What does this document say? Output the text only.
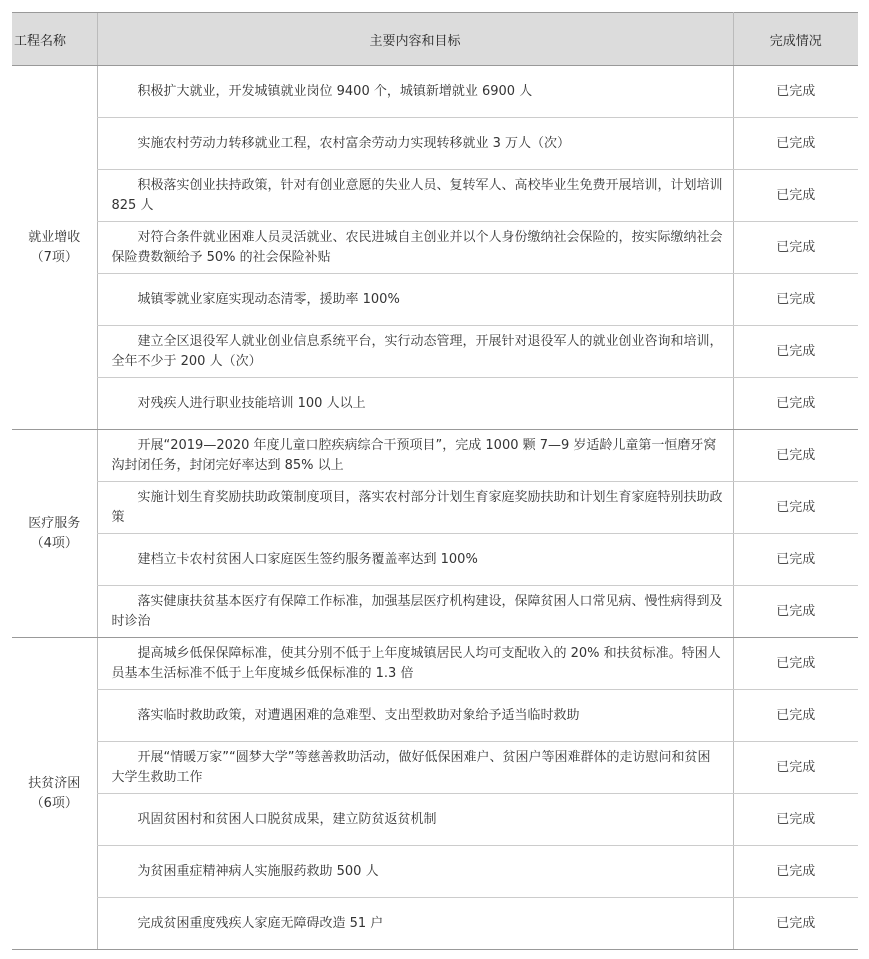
工程名称	主要内容和目标	完成情况

就业增收
（7项）	积极扩大就业，开发城镇就业岗位 9400 个，城镇新增就业 6900 人	已完成
	实施农村劳动力转移就业工程，农村富余劳动力实现转移就业 3 万人（次）	已完成
	积极落实创业扶持政策，针对有创业意愿的失业人员、复转军人、高校毕业生免费开展培训，计划培训 825 人	已完成
	对符合条件就业困难人员灵活就业、农民进城自主创业并以个人身份缴纳社会保险的，按实际缴纳社会保险费数额给予 50% 的社会保险补贴	已完成
	城镇零就业家庭实现动态清零，援助率 100%	已完成
	建立全区退役军人就业创业信息系统平台，实行动态管理，开展针对退役军人的就业创业咨询和培训，全年不少于 200 人（次）	已完成
	对残疾人进行职业技能培训 100 人以上	已完成

医疗服务
（4项）	开展“2019—2020 年度儿童口腔疾病综合干预项目”，完成 1000 颗 7—9 岁适龄儿童第一恒磨牙窝沟封闭任务，封闭完好率达到 85% 以上	已完成
	实施计划生育奖励扶助政策制度项目，落实农村部分计划生育家庭奖励扶助和计划生育家庭特别扶助政策	已完成
	建档立卡农村贫困人口家庭医生签约服务覆盖率达到 100%	已完成
	落实健康扶贫基本医疗有保障工作标准，加强基层医疗机构建设，保障贫困人口常见病、慢性病得到及时诊治	已完成

扶贫济困
（6项）	提高城乡低保保障标准，使其分别不低于上年度城镇居民人均可支配收入的 20% 和扶贫标准。特困人员基本生活标准不低于上年度城乡低保标准的 1.3 倍	已完成
	落实临时救助政策，对遭遇困难的急难型、支出型救助对象给予适当临时救助	已完成
	开展“情暖万家”“圆梦大学”等慈善救助活动，做好低保困难户、贫困户等困难群体的走访慰问和贫困大学生救助工作	已完成
	巩固贫困村和贫困人口脱贫成果，建立防贫返贫机制	已完成
	为贫困重症精神病人实施服药救助 500 人	已完成
	完成贫困重度残疾人家庭无障碍改造 51 户	已完成
